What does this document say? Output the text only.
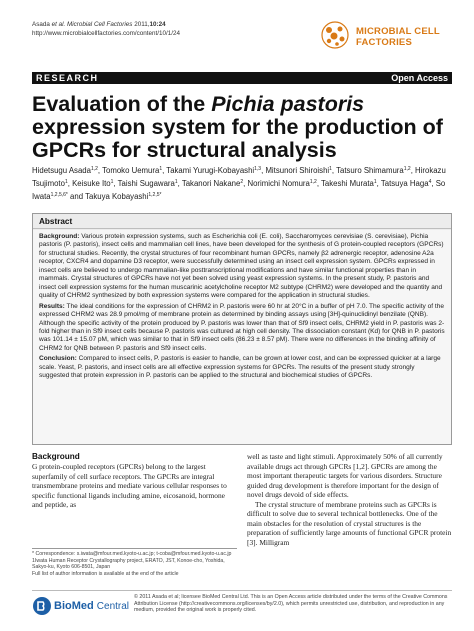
Asada et al. Microbial Cell Factories 2011,10:24
http://www.microbialcellfactories.com/content/10/1/24	MICROBIAL CELL
FACTORIES
RESEARCH	Open Access
Evaluation of the Pichia pastoris expression system for the production of GPCRs for structural analysis
Hidetsugu Asada$^{1,2}$, Tomoko Uemura$^1$, Takami Yurugi-Kobayashi$^{1,3}$, Mitsunori Shiroishi$^1$, Tatsuro Shimamura$^{1,2}$, Hirokazu Tsujimoto$^1$, Keisuke Ito$^1$, Taishi Sugawara$^1$, Takanori Nakane$^2$, Norimichi Nomura$^{1,2}$, Takeshi Murata$^1$, Tatsuya Haga$^4$, So Iwata$^{1,2,5,6*}$ and Takuya Kobayashi$^{1,2,5*}$
Abstract

Background: Various protein expression systems, such as Escherichia coli (E. coli), Saccharomyces cerevisiae (S. cerevisiae), Pichia pastoris (P. pastoris), insect cells and mammalian cell lines, have been developed for the synthesis of G protein-coupled receptors (GPCRs) for structural studies. Recently, the crystal structures of four recombinant human GPCRs, namely β2 adrenergic receptor, adenosine A2a receptor, CXCR4 and dopamine D3 receptor, were successfully determined using an insect cell expression system. GPCRs expressed in insect cells are believed to undergo mammalian-like posttranscriptional modifications and have similar functional properties than in mammals. Crystal structures of GPCRs have not yet been solved using yeast expression systems. In the present study, P. pastoris and insect cell expression systems for the human muscarinic acetylcholine receptor M2 subtype (CHRM2) were developed and the quantity and quality of CHRM2 synthesized by both expression systems were compared for the application in structural studies.

Results: The ideal conditions for the expression of CHRM2 in P. pastoris were 60 hr at 20°C in a buffer of pH 7.0. The specific activity of the expressed CHRM2 was 28.9 pmol/mg of membrane protein as determined by binding assays using [3H]-quinuclidinyl benzilate (QNB). Although the specific activity of the protein produced by P. pastoris was lower than that of Sf9 insect cells, CHRM2 yield in P. pastoris was 2-fold higher than in Sf9 insect cells because P. pastoris was cultured at high cell density. The dissociation constant (Kd) for QNB in P. pastoris was 101.14 ± 15.07 pM, which was similar to that in Sf9 insect cells (86.23 ± 8.57 pM). There were no differences in the binding affinity of CHRM2 for QNB between P. pastoris and Sf9 insect cells.

Conclusion: Compared to insect cells, P. pastoris is easier to handle, can be grown at lower cost, and can be expressed quicker at a large scale. Yeast, P. pastoris, and insect cells are all effective expression systems for GPCRs. The results of the present study strongly suggested that protein expression in P. pastoris can be applied to the structural and biochemical studies of GPCRs.

Background

G protein-coupled receptors (GPCRs) belong to the largest superfamily of cell surface receptors. The GPCRs are integral transmembrane proteins and mediate various cellular responses to specific functional ligands including amine, eicosanoid, hormone and peptide, as

well as taste and light stimuli. Approximately 50% of all currently available drugs act through GPCRs [1,2]. GPCRs are among the most important therapeutic targets for various disorders. Structure guided drug development is therefore important for the design of novel drugs devoid of side effects.

The crystal structure of membrane proteins such as GPCRs is difficult to solve due to several technical bottlenecks. One of the main obstacles for the resolution of crystal structures is the preparation of sufficiently large amounts of functional GPCR protein [3]. Milligram

* Correspondence: s.iwata@mfour.med.kyoto-u.ac.jp; t-coba@mfour.med.kyoto-u.ac.jp
1Iwata Human Receptor Crystallography project, ERATO, JST, Konoe-cho, Yoshida, Sakyo-ku, Kyoto 606-8501, Japan
Full list of author information is available at the end of the article
BioMed Central
© 2011 Asada et al; licensee BioMed Central Ltd. This is an Open Access article distributed under the terms of the Creative Commons Attribution License (http://creativecommons.org/licenses/by/2.0), which permits unrestricted use, distribution, and reproduction in any medium, provided the original work is properly cited.
